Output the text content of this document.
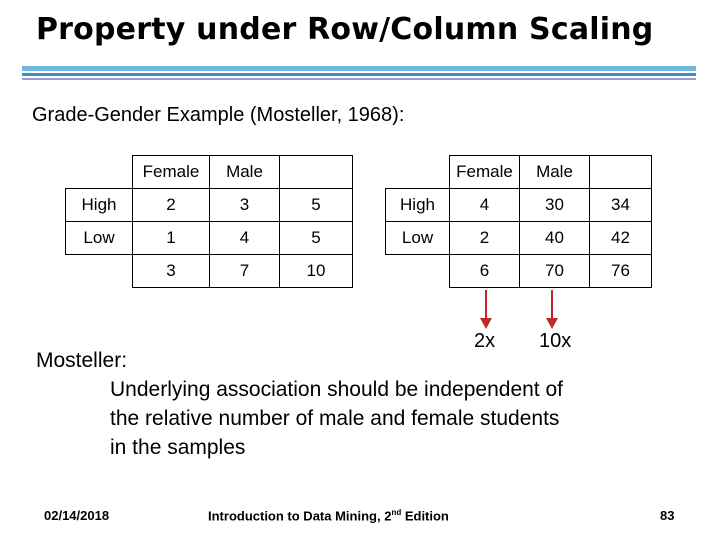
Property under Row/Column Scaling
Grade-Gender Example (Mosteller, 1968):
	Female	Male	
High	2	3	5
Low	1	4	5
	3	7	10
	Female	Male	
High	4	30	34
Low	2	40	42
	6	70	76
2x 10x
Mosteller:
Underlying association should be independent of
the relative number of male and female students
in the samples
02/14/2018	Introduction to Data Mining, 2nd Edition	83
